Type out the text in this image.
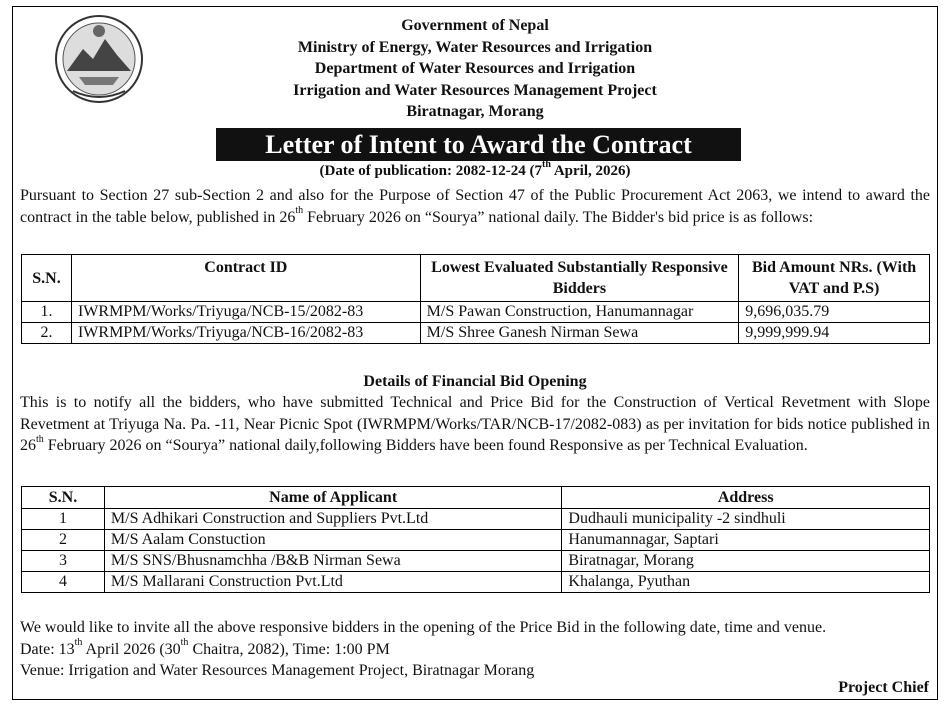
Government of Nepal
Ministry of Energy, Water Resources and Irrigation
Department of Water Resources and Irrigation
Irrigation and Water Resources Management Project
Biratnagar, Morang
Letter of Intent to Award the Contract
(Date of publication: 2082-12-24 (7th April, 2026)
Pursuant to Section 27 sub-Section 2 and also for the Purpose of Section 47 of the Public Procurement Act 2063, we intend to award the contract in the table below, published in 26th February 2026 on “Sourya” national daily. The Bidder's bid price is as follows:
S.N.	Contract ID	Lowest Evaluated Substantially Responsive Bidders	Bid Amount NRs. (With VAT and P.S)
1.	IWRMPM/Works/Triyuga/NCB-15/2082-83	M/S Pawan Construction, Hanumannagar	9,696,035.79
2.	IWRMPM/Works/Triyuga/NCB-16/2082-83	M/S Shree Ganesh Nirman Sewa	9,999,999.94
Details of Financial Bid Opening
This is to notify all the bidders, who have submitted Technical and Price Bid for the Construction of Vertical Revetment with Slope Revetment at Triyuga Na. Pa. -11, Near Picnic Spot (IWRMPM/Works/TAR/NCB-17/2082-083) as per invitation for bids notice published in 26th February 2026 on “Sourya” national daily,following Bidders have been found Responsive as per Technical Evaluation.
S.N.	Name of Applicant	Address
1	M/S Adhikari Construction and Suppliers Pvt.Ltd	Dudhauli municipality -2 sindhuli
2	M/S Aalam Constuction	Hanumannagar, Saptari
3	M/S SNS/Bhusnamchha /B&B Nirman Sewa	Biratnagar, Morang
4	M/S Mallarani Construction Pvt.Ltd	Khalanga, Pyuthan
We would like to invite all the above responsive bidders in the opening of the Price Bid in the following date, time and venue.
Date: 13th April 2026 (30th Chaitra, 2082), Time: 1:00 PM
Venue: Irrigation and Water Resources Management Project, Biratnagar Morang
Project Chief
